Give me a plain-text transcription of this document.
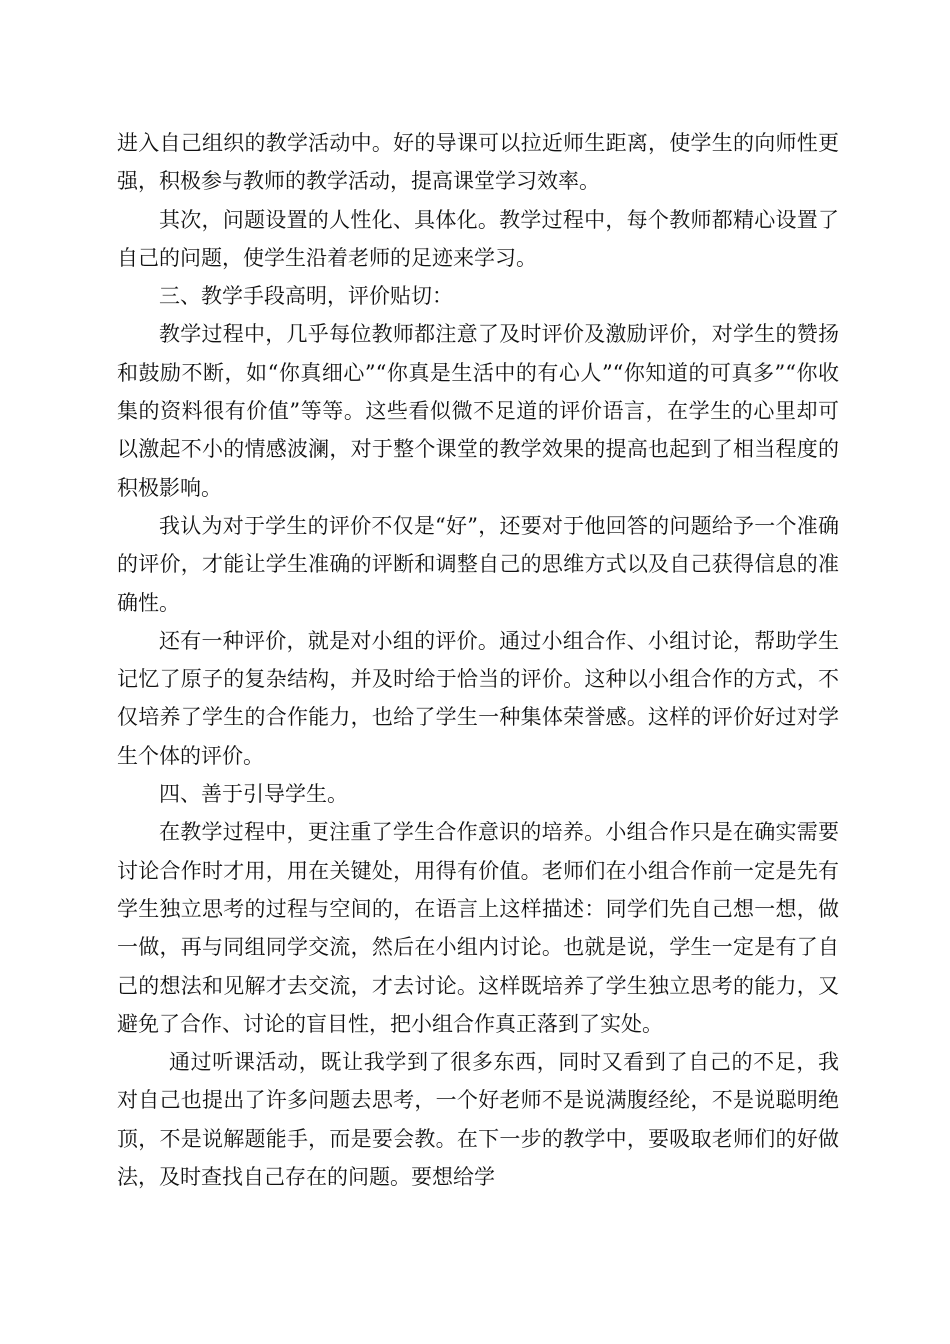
进入自己组织的教学活动中。好的导课可以拉近师生距离，使学生的向师性更强，积极参与教师的教学活动，提高课堂学习效率。

其次，问题设置的人性化、具体化。教学过程中，每个教师都精心设置了自己的问题，使学生沿着老师的足迹来学习。

三、教学手段高明，评价贴切：

教学过程中，几乎每位教师都注意了及时评价及激励评价，对学生的赞扬和鼓励不断，如“你真细心”“你真是生活中的有心人”“你知道的可真多”“你收集的资料很有价值”等等。这些看似微不足道的评价语言，在学生的心里却可以激起不小的情感波澜，对于整个课堂的教学效果的提高也起到了相当程度的积极影响。

我认为对于学生的评价不仅是“好”，还要对于他回答的问题给予一个准确的评价，才能让学生准确的评断和调整自己的思维方式以及自己获得信息的准确性。

还有一种评价，就是对小组的评价。通过小组合作、小组讨论，帮助学生记忆了原子的复杂结构，并及时给于恰当的评价。这种以小组合作的方式，不仅培养了学生的合作能力，也给了学生一种集体荣誉感。这样的评价好过对学生个体的评价。

四、善于引导学生。

在教学过程中，更注重了学生合作意识的培养。小组合作只是在确实需要讨论合作时才用，用在关键处，用得有价值。老师们在小组合作前一定是先有学生独立思考的过程与空间的，在语言上这样描述：同学们先自己想一想，做一做，再与同组同学交流，然后在小组内讨论。也就是说，学生一定是有了自己的想法和见解才去交流，才去讨论。这样既培养了学生独立思考的能力，又避免了合作、讨论的盲目性，把小组合作真正落到了实处。

通过听课活动，既让我学到了很多东西，同时又看到了自己的不足，我对自己也提出了许多问题去思考，一个好老师不是说满腹经纶，不是说聪明绝顶，不是说解题能手，而是要会教。在下一步的教学中，要吸取老师们的好做法，及时查找自己存在的问题。要想给学
